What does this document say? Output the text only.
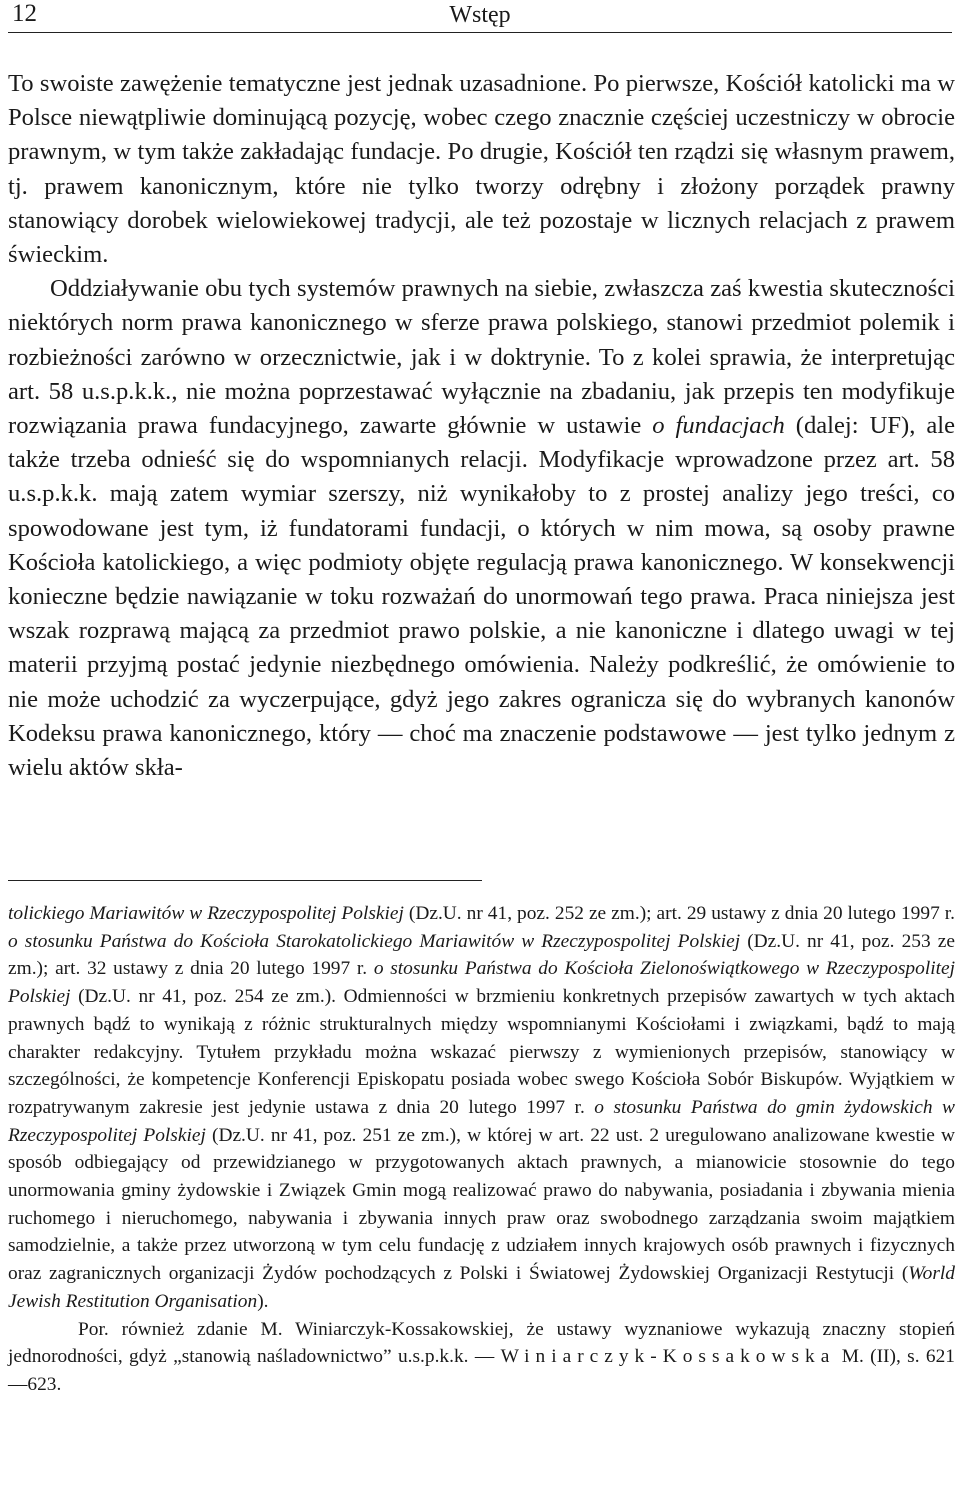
12	Wstęp

To swoiste zawężenie tematyczne jest jednak uzasadnione. Po pierwsze, Kościół katolicki ma w Polsce niewątpliwie dominującą pozycję, wobec czego znacznie częściej uczestniczy w obrocie prawnym, w tym także zakładając fundacje. Po drugie, Kościół ten rządzi się własnym prawem, tj. prawem kanonicznym, które nie tylko tworzy odrębny i złożony porządek prawny stanowiący dorobek wielowiekowej tradycji, ale też pozostaje w licznych relacjach z prawem świeckim.

Oddziaływanie obu tych systemów prawnych na siebie, zwłaszcza zaś kwestia skuteczności niektórych norm prawa kanonicznego w sferze prawa polskiego, stanowi przedmiot polemik i rozbieżności zarówno w orzecznictwie, jak i w doktrynie. To z kolei sprawia, że interpretując art. 58 u.s.p.k.k., nie można poprzestawać wyłącznie na zbadaniu, jak przepis ten modyfikuje rozwiązania prawa fundacyjnego, zawarte głównie w ustawie o fundacjach (dalej: UF), ale także trzeba odnieść się do wspomnianych relacji. Modyfikacje wprowadzone przez art. 58 u.s.p.k.k. mają zatem wymiar szerszy, niż wynikałoby to z prostej analizy jego treści, co spowodowane jest tym, iż fundatorami fundacji, o których w nim mowa, są osoby prawne Kościoła katolickiego, a więc podmioty objęte regulacją prawa kanonicznego. W konsekwencji konieczne będzie nawiązanie w toku rozważań do unormowań tego prawa. Praca niniejsza jest wszak rozprawą mającą za przedmiot prawo polskie, a nie kanoniczne i dlatego uwagi w tej materii przyjmą postać jedynie niezbędnego omówienia. Należy podkreślić, że omówienie to nie może uchodzić za wyczerpujące, gdyż jego zakres ogranicza się do wybranych kanonów Kodeksu prawa kanonicznego, który — choć ma znaczenie podstawowe — jest tylko jednym z wielu aktów skła-

tolickiego Mariawitów w Rzeczypospolitej Polskiej (Dz.U. nr 41, poz. 252 ze zm.); art. 29 ustawy z dnia 20 lutego 1997 r. o stosunku Państwa do Kościoła Starokatolickiego Mariawitów w Rzeczypospolitej Polskiej (Dz.U. nr 41, poz. 253 ze zm.); art. 32 ustawy z dnia 20 lutego 1997 r. o stosunku Państwa do Kościoła Zielonoświątkowego w Rzeczypospolitej Polskiej (Dz.U. nr 41, poz. 254 ze zm.). Odmienności w brzmieniu konkretnych przepisów zawartych w tych aktach prawnych bądź to wynikają z różnic strukturalnych między wspomnianymi Kościołami i związkami, bądź to mają charakter redakcyjny. Tytułem przykładu można wskazać pierwszy z wymienionych przepisów, stanowiący w szczególności, że kompetencje Konferencji Episkopatu posiada wobec swego Kościoła Sobór Biskupów. Wyjątkiem w rozpatrywanym zakresie jest jedynie ustawa z dnia 20 lutego 1997 r. o stosunku Państwa do gmin żydowskich w Rzeczypospolitej Polskiej (Dz.U. nr 41, poz. 251 ze zm.), w której w art. 22 ust. 2 uregulowano analizowane kwestie w sposób odbiegający od przewidzianego w przygotowanych aktach prawnych, a mianowicie stosownie do tego unormowania gminy żydowskie i Związek Gmin mogą realizować prawo do nabywania, posiadania i zbywania mienia ruchomego i nieruchomego, nabywania i zbywania innych praw oraz swobodnego zarządzania swoim majątkiem samodzielnie, a także przez utworzoną w tym celu fundację z udziałem innych krajowych osób prawnych i fizycznych oraz zagranicznych organizacji Żydów pochodzących z Polski i Światowej Żydowskiej Organizacji Restytucji (World Jewish Restitution Organisation).

Por. również zdanie M. Winiarczyk-Kossakowskiej, że ustawy wyznaniowe wykazują znaczny stopień jednorodności, gdyż „stanowią naśladownictwo” u.s.p.k.k. — Winiarczyk-Kossakowska M. (II), s. 621—623.
